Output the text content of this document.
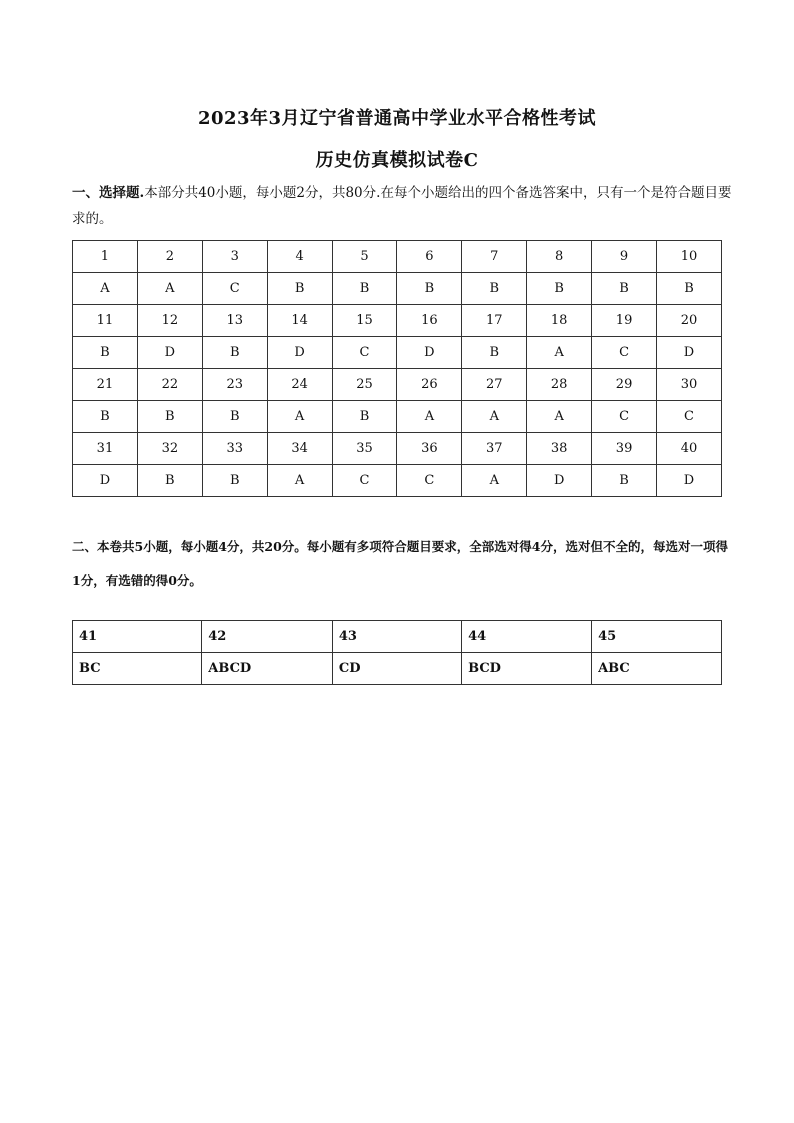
2023年3月辽宁省普通高中学业水平合格性考试
历史仿真模拟试卷C
一、选择题.本部分共40小题，每小题2分，共80分.在每个小题给出的四个备选答案中，只有一个是符合题目要求的。
1	2	3	4	5	6	7	8	9	10
A	A	C	B	B	B	B	B	B	B
11	12	13	14	15	16	17	18	19	20
B	D	B	D	C	D	B	A	C	D
21	22	23	24	25	26	27	28	29	30
B	B	B	A	B	A	A	A	C	C
31	32	33	34	35	36	37	38	39	40
D	B	B	A	C	C	A	D	B	D
二、本卷共5小题，每小题4分，共20分。每小题有多项符合题目要求，全部选对得4分，选对但不全的，每选对一项得1分，有选错的得0分。
41	42	43	44	45
BC	ABCD	CD	BCD	ABC
